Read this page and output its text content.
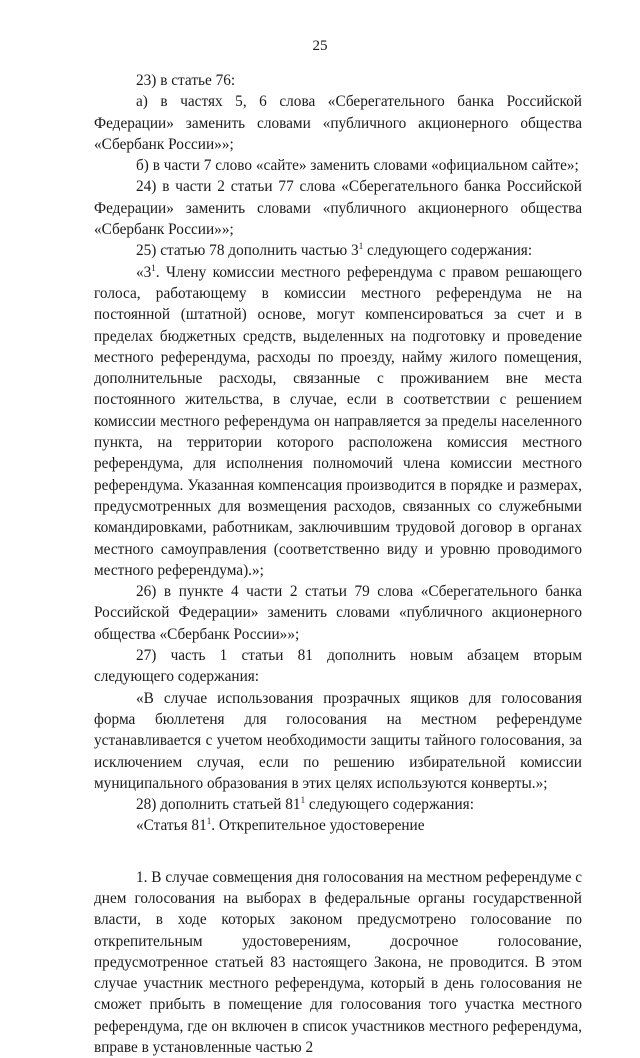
25

23) в статье 76:

а) в частях 5, 6 слова «Сберегательного банка Российской Федерации» заменить словами «публичного акционерного общества «Сбербанк России»»;

б) в части 7 слово «сайте» заменить словами «официальном сайте»;

24) в части 2 статьи 77 слова «Сберегательного банка Российской Федерации» заменить словами «публичного акционерного общества «Сбербанк России»»;

25) статью 78 дополнить частью $3^1$ следующего содержания:

«$3^1$. Члену комиссии местного референдума с правом решающего голоса, работающему в комиссии местного референдума не на постоянной (штатной) основе, могут компенсироваться за счет и в пределах бюджетных средств, выделенных на подготовку и проведение местного референдума, расходы по проезду, найму жилого помещения, дополнительные расходы, связанные с проживанием вне места постоянного жительства, в случае, если в соответствии с решением комиссии местного референдума он направляется за пределы населенного пункта, на территории которого расположена комиссия местного референдума, для исполнения полномочий члена комиссии местного референдума. Указанная компенсация производится в порядке и размерах, предусмотренных для возмещения расходов, связанных со служебными командировками, работникам, заключившим трудовой договор в органах местного самоуправления (соответственно виду и уровню проводимого местного референдума).»;

26) в пункте 4 части 2 статьи 79 слова «Сберегательного банка Российской Федерации» заменить словами «публичного акционерного общества «Сбербанк России»»;

27) часть 1 статьи 81 дополнить новым абзацем вторым следующего содержания:

«В случае использования прозрачных ящиков для голосования форма бюллетеня для голосования на местном референдуме устанавливается с учетом необходимости защиты тайного голосования, за исключением случая, если по решению избирательной комиссии муниципального образования в этих целях используются конверты.»;

28) дополнить статьей $81^1$ следующего содержания:

«Статья $81^1$. Открепительное удостоверение

1. В случае совмещения дня голосования на местном референдуме с днем голосования на выборах в федеральные органы государственной власти, в ходе которых законом предусмотрено голосование по открепительным удостоверениям, досрочное голосование, предусмотренное статьей 83 настоящего Закона, не проводится. В этом случае участник местного референдума, который в день голосования не сможет прибыть в помещение для голосования того участка местного референдума, где он включен в список участников местного референдума, вправе в установленные частью 2
